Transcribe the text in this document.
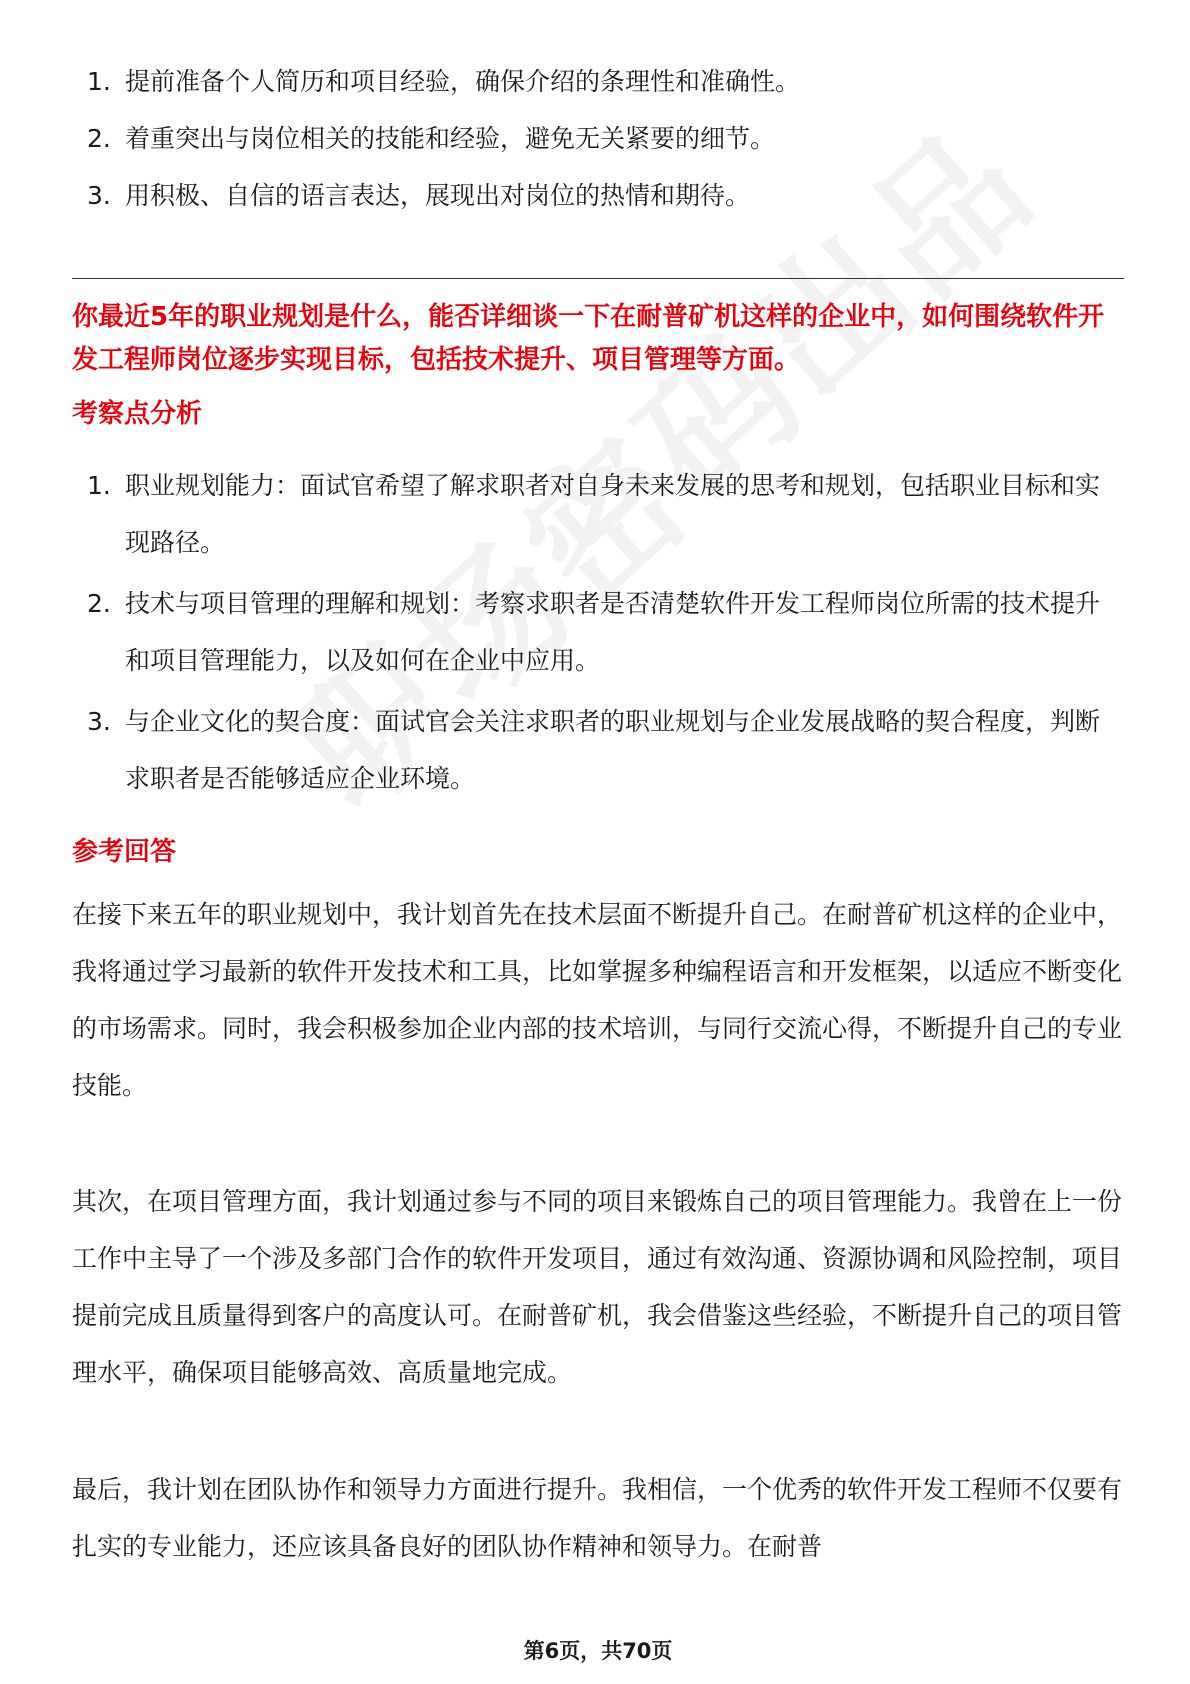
1. 提前准备个人简历和项目经验，确保介绍的条理性和准确性。
2. 着重突出与岗位相关的技能和经验，避免无关紧要的细节。
3. 用积极、自信的语言表达，展现出对岗位的热情和期待。
你最近5年的职业规划是什么，能否详细谈一下在耐普矿机这样的企业中，如何围绕软件开发工程师岗位逐步实现目标，包括技术提升、项目管理等方面。
考察点分析
1. 职业规划能力：面试官希望了解求职者对自身未来发展的思考和规划，包括职业目标和实现路径。
2. 技术与项目管理的理解和规划：考察求职者是否清楚软件开发工程师岗位所需的技术提升和项目管理能力，以及如何在企业中应用。
3. 与企业文化的契合度：面试官会关注求职者的职业规划与企业发展战略的契合程度，判断求职者是否能够适应企业环境。
参考回答

在接下来五年的职业规划中，我计划首先在技术层面不断提升自己。在耐普矿机这样的企业中，我将通过学习最新的软件开发技术和工具，比如掌握多种编程语言和开发框架，以适应不断变化的市场需求。同时，我会积极参加企业内部的技术培训，与同行交流心得，不断提升自己的专业技能。

其次，在项目管理方面，我计划通过参与不同的项目来锻炼自己的项目管理能力。我曾在上一份工作中主导了一个涉及多部门合作的软件开发项目，通过有效沟通、资源协调和风险控制，项目提前完成且质量得到客户的高度认可。在耐普矿机，我会借鉴这些经验，不断提升自己的项目管理水平，确保项目能够高效、高质量地完成。

最后，我计划在团队协作和领导力方面进行提升。我相信，一个优秀的软件开发工程师不仅要有扎实的专业能力，还应该具备良好的团队协作精神和领导力。在耐普

第6页，共70页
